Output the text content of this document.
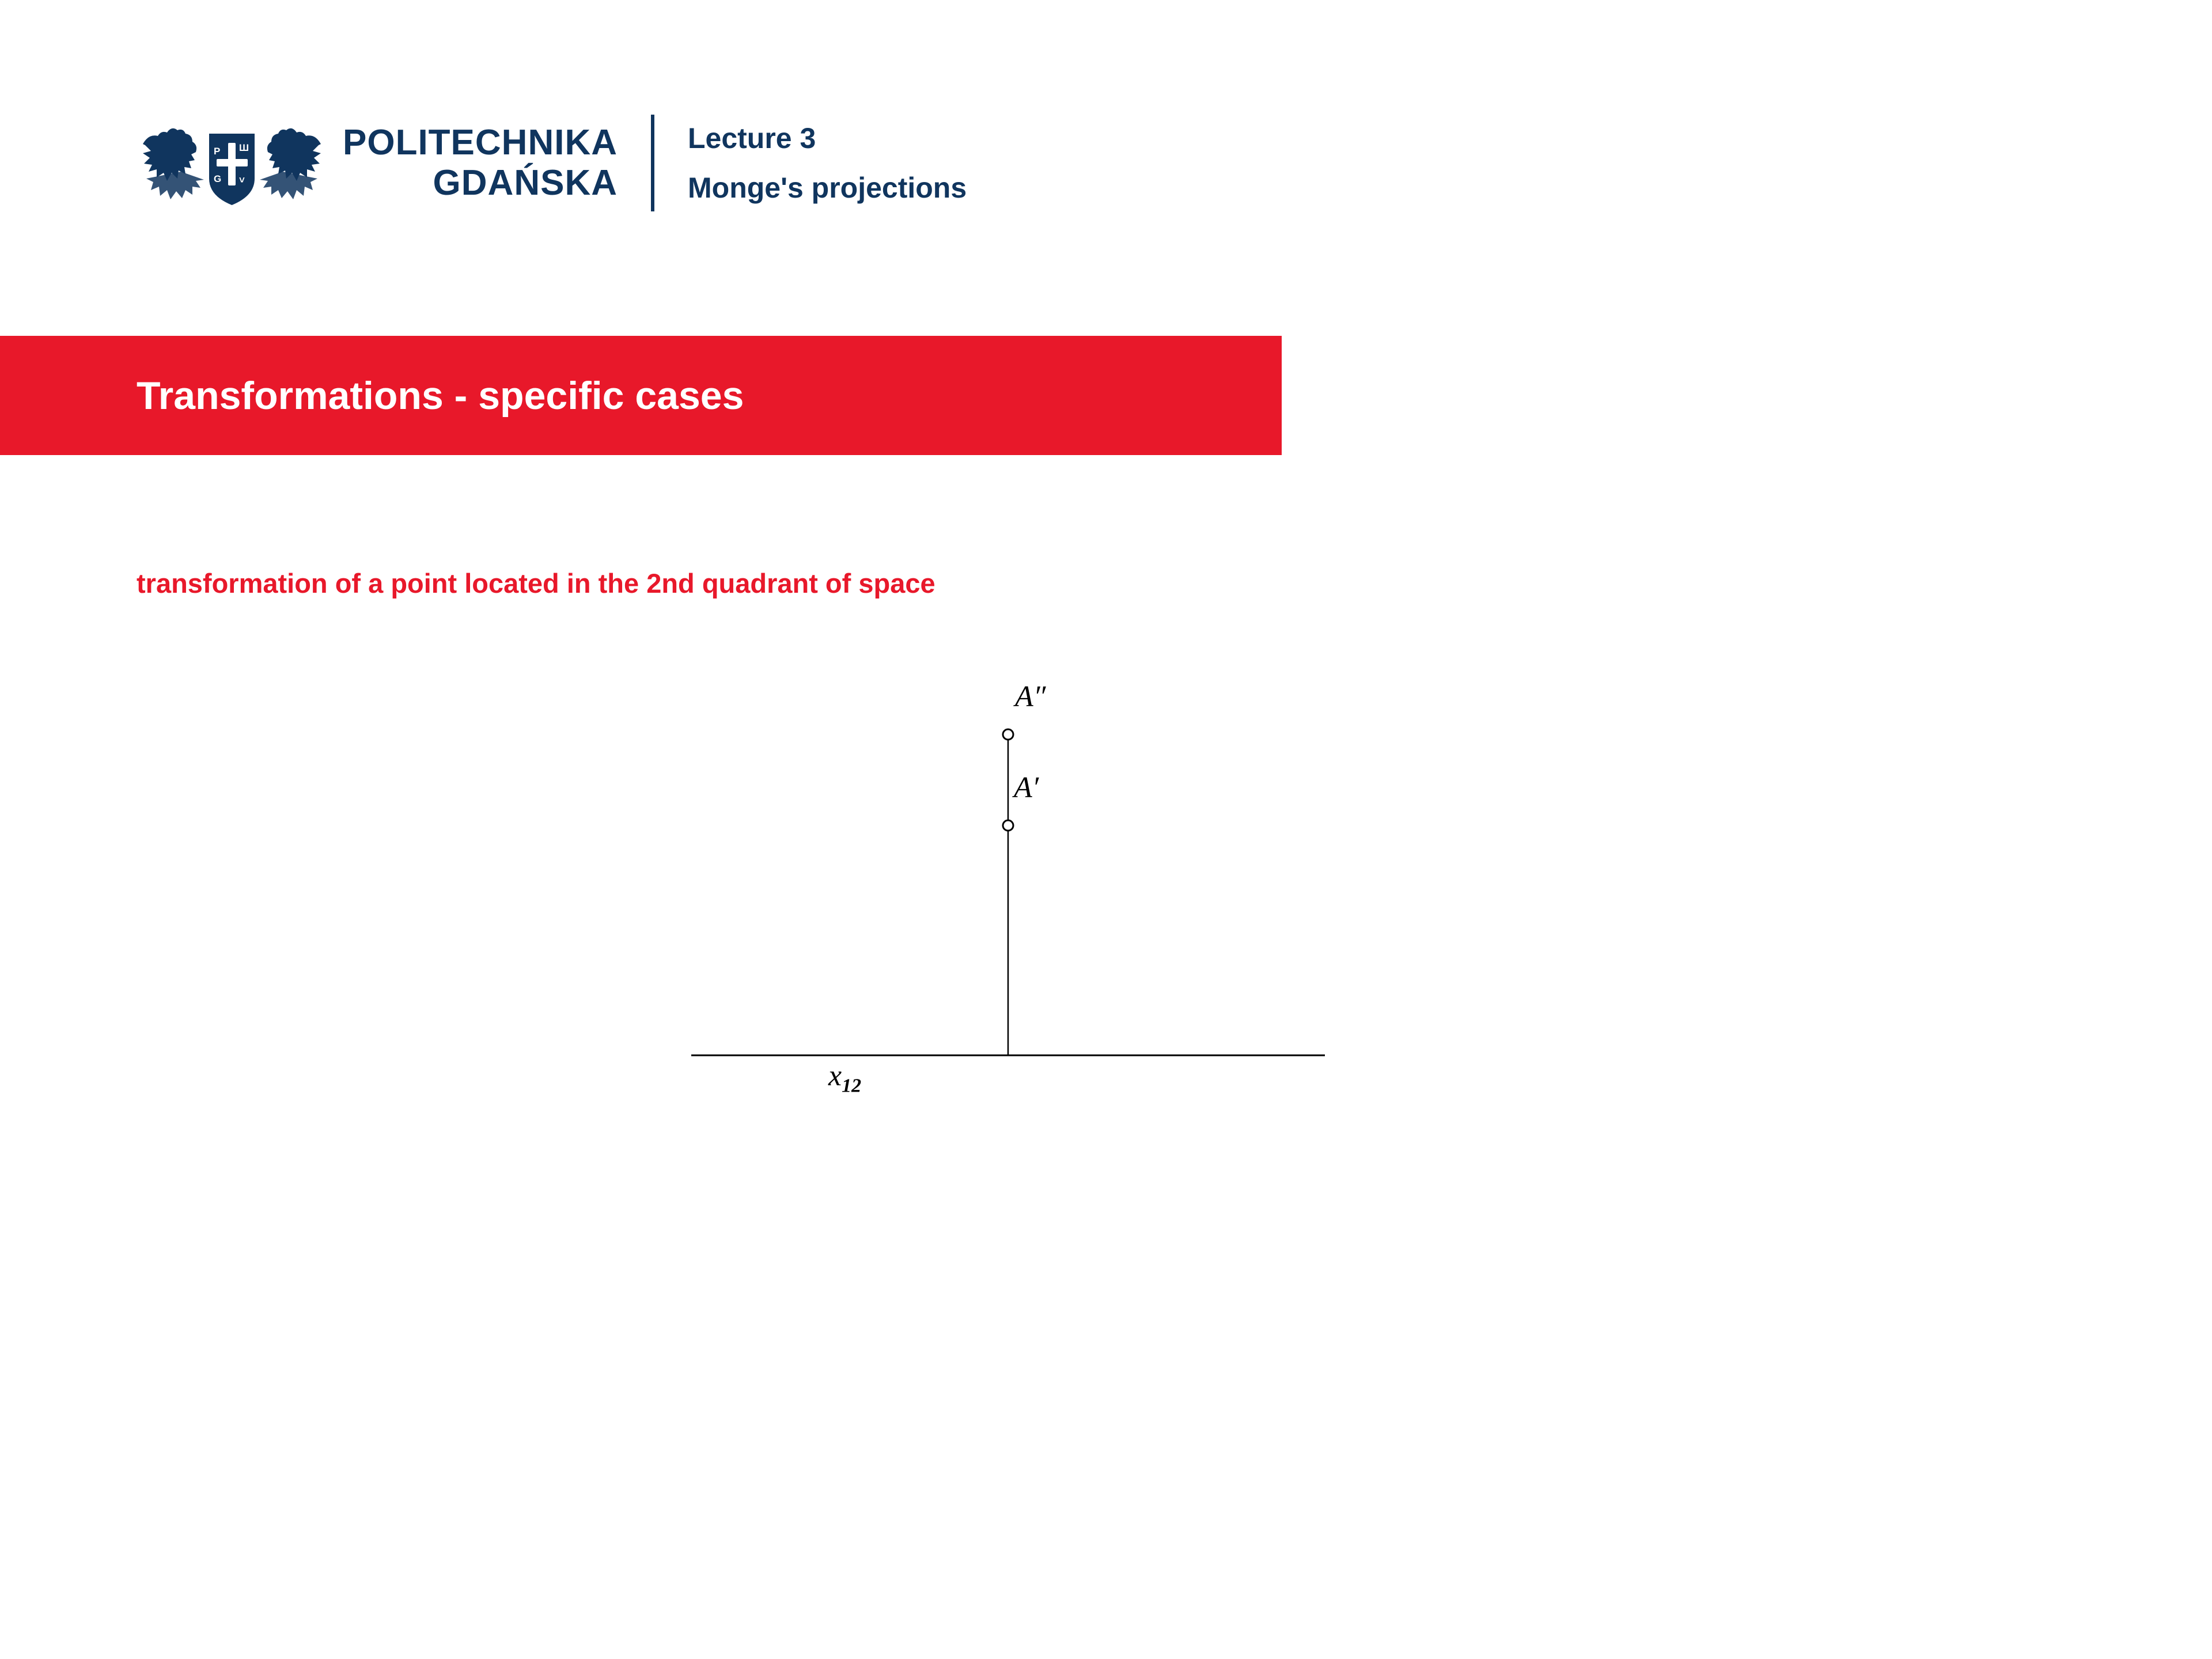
P
G
Ш
˅
POLITECHNIKA
GDAŃSKA
Lecture 3
Monge's projections
Transformations - specific cases
transformation of a point located in the 2nd quadrant of space
A″
A′
$x_{12}$
